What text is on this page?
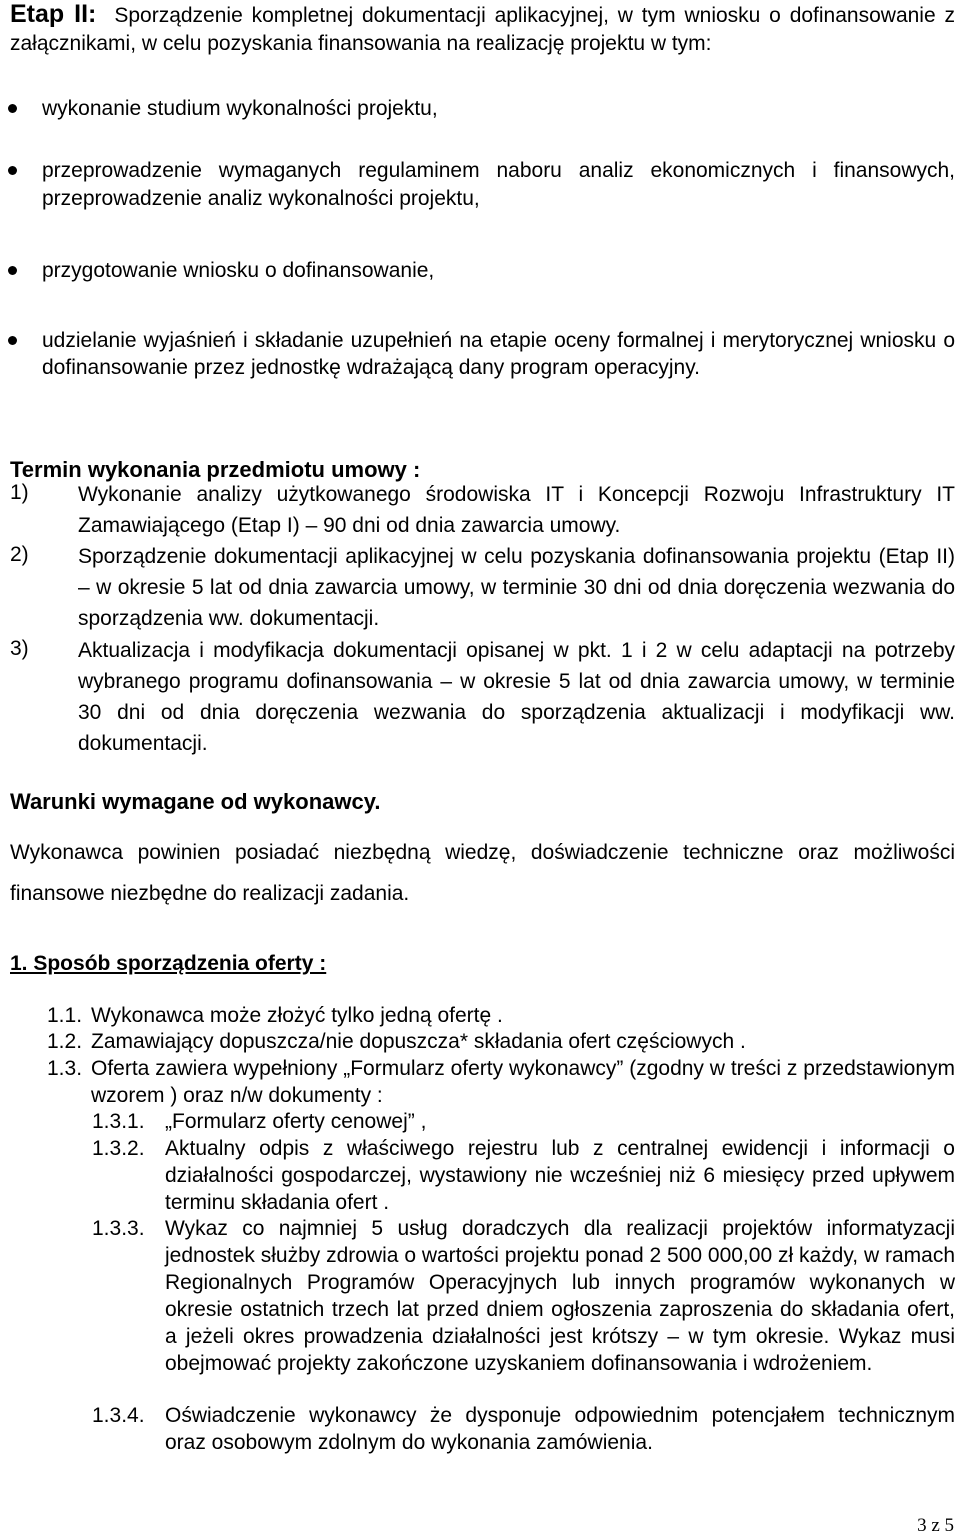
Etap II: Sporządzenie kompletnej dokumentacji aplikacyjnej, w tym wniosku o dofinansowanie z załącznikami, w celu pozyskania finansowania na realizację projektu w tym:
wykonanie studium wykonalności projektu,
przeprowadzenie wymaganych regulaminem naboru analiz ekonomicznych i finansowych, przeprowadzenie analiz wykonalności projektu,
przygotowanie wniosku o dofinansowanie,
udzielanie wyjaśnień i składanie uzupełnień na etapie oceny formalnej i merytorycznej wniosku o dofinansowanie przez jednostkę wdrażającą dany program operacyjny.
Termin wykonania przedmiotu umowy :
1) Wykonanie analizy użytkowanego środowiska IT i Koncepcji Rozwoju Infrastruktury IT Zamawiającego (Etap I) – 90 dni od dnia zawarcia umowy.
2) Sporządzenie dokumentacji aplikacyjnej w celu pozyskania dofinansowania projektu (Etap II) – w okresie 5 lat od dnia zawarcia umowy, w terminie 30 dni od dnia doręczenia wezwania do sporządzenia ww. dokumentacji.
3) Aktualizacja i modyfikacja dokumentacji opisanej w pkt. 1 i 2 w celu adaptacji na potrzeby wybranego programu dofinansowania – w okresie 5 lat od dnia zawarcia umowy, w terminie 30 dni od dnia doręczenia wezwania do sporządzenia aktualizacji i modyfikacji ww. dokumentacji.
Warunki wymagane od wykonawcy.
Wykonawca powinien posiadać niezbędną wiedzę, doświadczenie techniczne oraz możliwości finansowe niezbędne do realizacji zadania.
1. Sposób sporządzenia oferty :
1.1. Wykonawca może złożyć tylko jedną ofertę .
1.2. Zamawiający dopuszcza/nie dopuszcza* składania ofert częściowych .
1.3. Oferta zawiera wypełniony „Formularz oferty wykonawcy” (zgodny w treści z przedstawionym wzorem ) oraz n/w dokumenty :
1.3.1. „Formularz oferty cenowej” ,
1.3.2. Aktualny odpis z właściwego rejestru lub z centralnej ewidencji i informacji o działalności gospodarczej, wystawiony nie wcześniej niż 6 miesięcy przed upływem terminu składania ofert .
1.3.3. Wykaz co najmniej 5 usług doradczych dla realizacji projektów informatyzacji jednostek służby zdrowia o wartości projektu ponad 2 500 000,00 zł każdy, w ramach Regionalnych Programów Operacyjnych lub innych programów wykonanych w okresie ostatnich trzech lat przed dniem ogłoszenia zaproszenia do składania ofert, a jeżeli okres prowadzenia działalności jest krótszy – w tym okresie. Wykaz musi obejmować projekty zakończone uzyskaniem dofinansowania i wdrożeniem.
1.3.4. Oświadczenie wykonawcy że dysponuje odpowiednim potencjałem technicznym oraz osobowym zdolnym do wykonania zamówienia.
3 z 5
